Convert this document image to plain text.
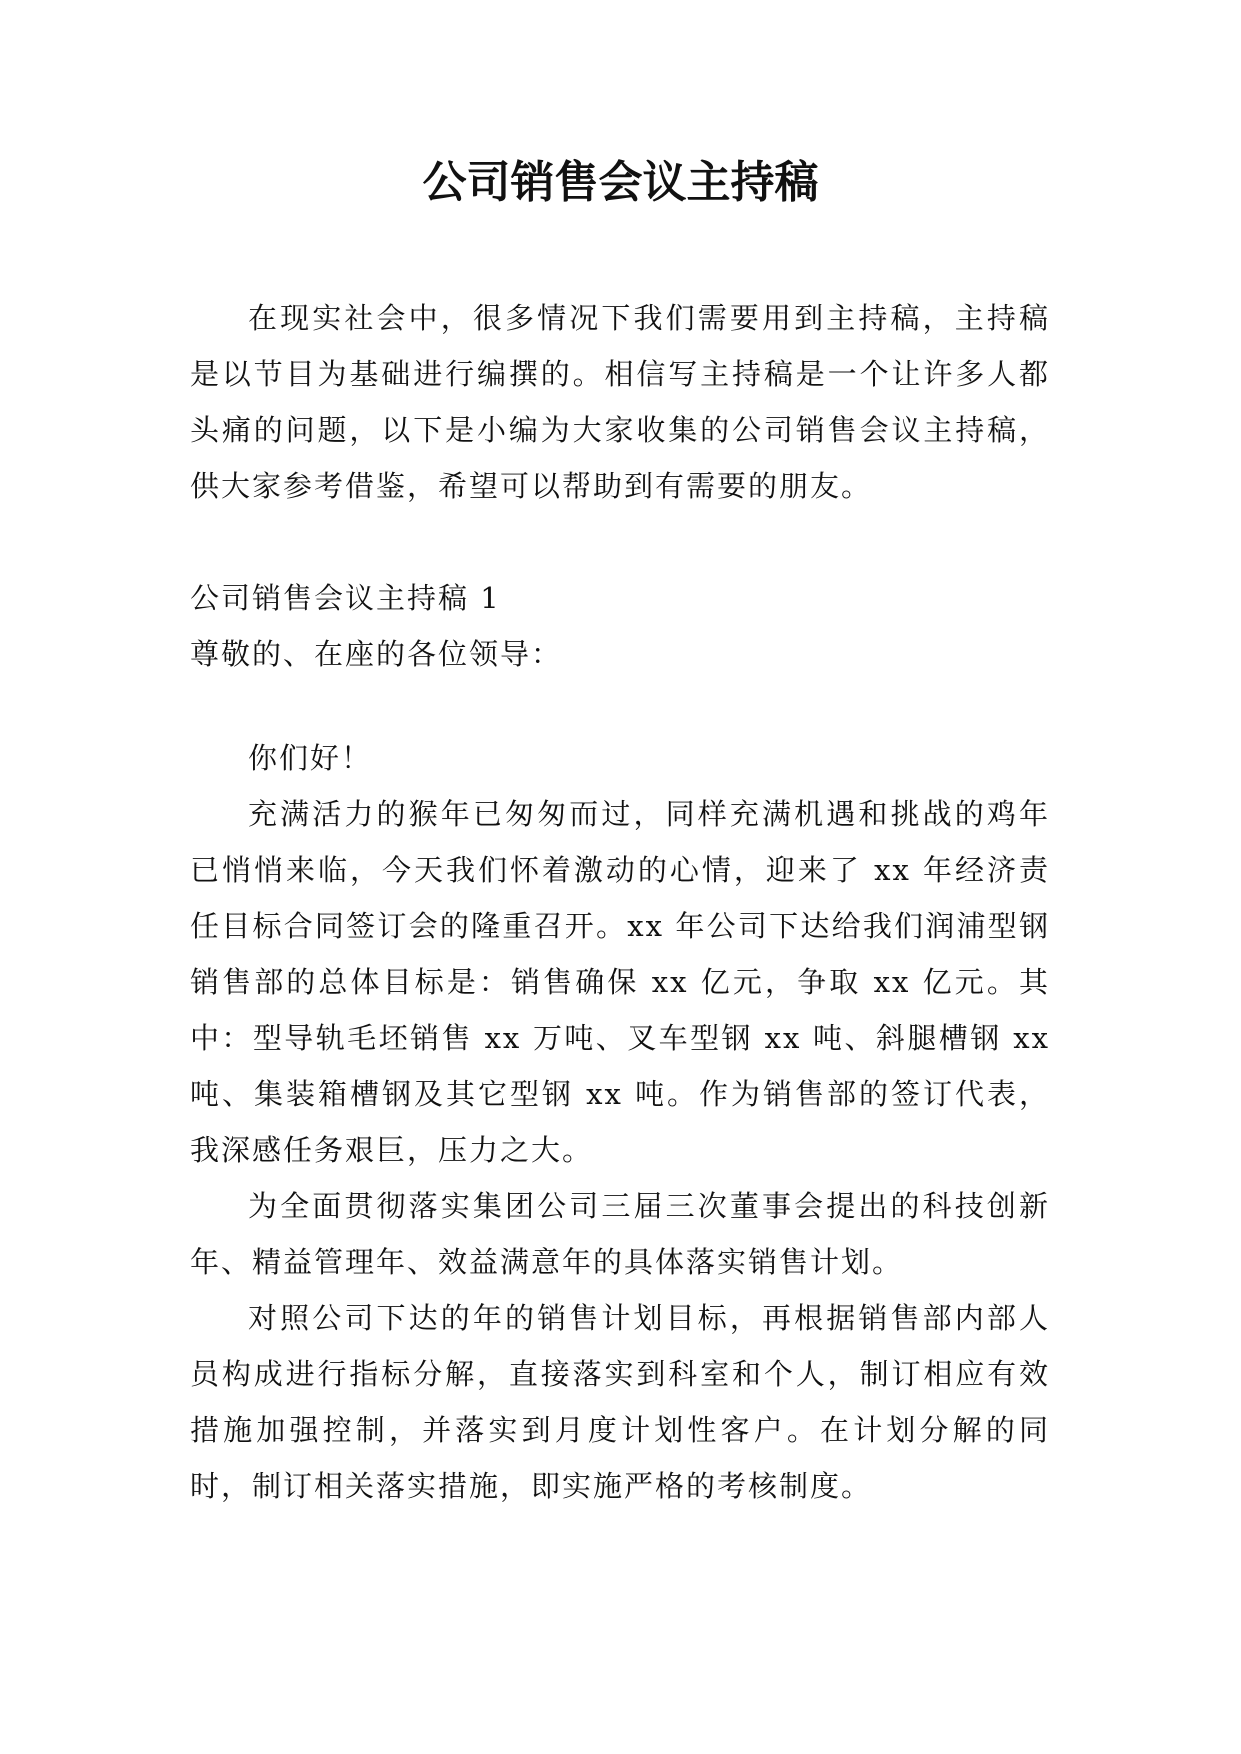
公司销售会议主持稿

在现实社会中，很多情况下我们需要用到主持稿，主持稿是以节目为基础进行编撰的。相信写主持稿是一个让许多人都头痛的问题，以下是小编为大家收集的公司销售会议主持稿，供大家参考借鉴，希望可以帮助到有需要的朋友。

公司销售会议主持稿 1

尊敬的、在座的各位领导：

你们好！

充满活力的猴年已匆匆而过，同样充满机遇和挑战的鸡年已悄悄来临，今天我们怀着激动的心情，迎来了 xx 年经济责任目标合同签订会的隆重召开。xx 年公司下达给我们润浦型钢销售部的总体目标是：销售确保 xx 亿元，争取 xx 亿元。其中：型导轨毛坯销售 xx 万吨、叉车型钢 xx 吨、斜腿槽钢 xx 吨、集装箱槽钢及其它型钢 xx 吨。作为销售部的签订代表，我深感任务艰巨，压力之大。

为全面贯彻落实集团公司三届三次董事会提出的科技创新年、精益管理年、效益满意年的具体落实销售计划。

对照公司下达的年的销售计划目标，再根据销售部内部人员构成进行指标分解，直接落实到科室和个人，制订相应有效措施加强控制，并落实到月度计划性客户。在计划分解的同时，制订相关落实措施，即实施严格的考核制度。
